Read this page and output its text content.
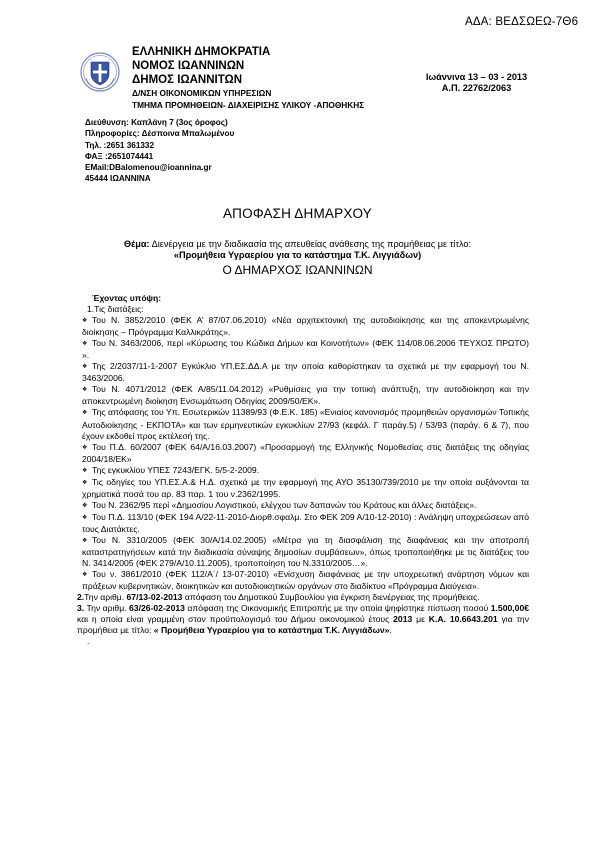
ΑΔΑ: ΒΕΔΣΩΕΩ-7Θ6
ΕΛΛΗΝΙΚΗ ΔΗΜΟΚΡΑΤΙΑ
ΝΟΜΟΣ ΙΩΑΝΝΙΝΩΝ
ΔΗΜΟΣ ΙΩΑΝΝΙΤΩΝ
Δ/ΝΣΗ ΟΙΚΟΝΟΜΙΚΩΝ ΥΠΗΡΕΣΙΩΝ
ΤΜΗΜΑ ΠΡΟΜΗΘΕΙΩΝ- ΔΙΑΧΕΙΡΙΣΗΣ ΥΛΙΚΟΥ -ΑΠΟΘΗΚΗΣ
Ιωάννινα 13 – 03 - 2013
Α.Π. 22762/2063
Διεύθυνση: Καπλάνη 7 (3ος όροφος)
Πληροφορίες: Δέσποινα Μπαλωμένου
Τηλ. :2651 361332
ΦΑΞ :2651074441
EMail:DBalomenou@ioannina.gr
45444 ΙΩΑΝΝΙΝΑ
ΑΠΟΦΑΣΗ ΔΗΜΑΡΧΟΥ
Θέμα: Διενέργεια με την διαδικασία της απευθείας ανάθεσης της προμήθειας με τίτλο:
«Προμήθεια Υγραερίου για το κατάστημα Τ.Κ. Λιγγιάδων)
Ο ΔΗΜΑΡΧΟΣ ΙΩΑΝΝΙΝΩΝ

Έχοντας υπόψη:

1.Τις διατάξεις:

❖ Του Ν. 3852/2010 (ΦΕΚ Α’ 87/07.06.2010) «Νέα αρχιτεκτονική της αυτοδιοίκησης και της αποκεντρωμένης διοίκησης – Πρόγραμμα Καλλικράτης».

❖ Του Ν. 3463/2006, περί «Κύρωσης του Κώδικα Δήμων και Κοινοτήτων» (ΦΕΚ 114/08.06.2006 ΤΕΥΧΟΣ ΠΡΩΤΟ) ».

❖ Της 2/2037/11-1-2007 Εγκύκλιο ΥΠ.ΕΣ.ΔΔ.Α με την οποία καθορίστηκαν τα σχετικά με την εφαρμογή του Ν. 3463/2006.

❖ Του Ν. 4071/2012 (ΦΕΚ Α/85/11.04.2012) «Ρυθμίσεις για την τοπική ανάπτυξη, την αυτοδιοίκηση και την αποκεντρωμένη διοίκηση Ενσωμάτωση Οδηγίας 2009/50/ΕΚ».

❖ Της απόφασης του Υπ. Εσωτερικών 11389/93 (Φ.Ε.Κ. 185) «Ενιαίος κανονισμός προμηθειών οργανισμών Τοπικής Αυτοδιοίκησης - ΕΚΠΟΤΑ» και των ερμηνευτικών εγκυκλίων 27/93 (κεφάλ. Γ παράγ.5) / 53/93 (παράγ. 6 & 7), που έχουν εκδοθεί προς εκτέλεσή της.

❖ Του Π.Δ. 60/2007 (ΦΕΚ 64/Α/16.03.2007) «Προσαρμογή της Ελληνικής Νομοθεσίας στις διατάξεις της οδηγίας 2004/18/ΕΚ»

❖ Της εγκυκλίου ΥΠΕΣ 7243/ΕΓΚ. 5/5-2-2009.

❖ Τις οδηγίες του ΥΠ.ΕΣ.Α.& Η.Δ. σχετικά με την εφαρμογή της ΑΥΟ 35130/739/2010 με την οποία αυξάνονται τα χρηματικά ποσά του αρ. 83 παρ. 1 του ν.2362/1995.

❖ Του Ν. 2362/95 περί «Δημοσίου Λογιστικού, ελέγχου των δαπανών του Κράτους και άλλες διατάξεις».

❖ Του Π.Δ. 113/10 (ΦΕΚ 194 Α/22-11-2010-Διορθ.σφαλμ. Στο ΦΕΚ 209 Α/10-12-2010) : Ανάληψη υποχρεώσεων από τους Διατάκτες.

❖ Του Ν. 3310/2005 (ΦΕΚ 30/Α/14.02.2005) «Μέτρα για τη διασφάλιση της διαφάνειας και την αποτροπή καταστρατηγήσεων κατά την διαδικασία σύναψης δημοσίων συμβάσεων», όπως τροποποιήθηκε με τις διατάξεις του Ν. 3414/2005 (ΦΕΚ 279/Α/10.11.2005), τροποποίηση του Ν.3310/2005…».

❖ Του ν. 3861/2010 (ΦΕΚ 112/Α΄/ 13-07-2010) «Ενίσχυση διαφάνειας με την υποχρεωτική ανάρτηση νόμων και πράξεων κυβερνητικών, διοικητικών και αυτοδιοικητικών οργάνων στο διαδίκτυο «Πρόγραμμα Διαύγεια».

2.Την αριθμ. 67/13-02-2013 απόφαση του Δημοτικού Συμβουλίου για έγκριση διενέργειας της προμήθειας.

3. Την αριθμ. 63/26-02-2013 απόφαση της Οικονομικής Επιτροπής με την οποία ψηφίστηκε πίστωση ποσού 1.500,00€ και η οποία είναι γραμμένη στον προϋπολογισμό του Δήμου οικονομικού έτους 2013 με Κ.Α. 10.6643.201 για την προμήθεια με τίτλο: « Προμήθεια Υγραερίου για το κατάστημα Τ.Κ. Λιγγιάδων».

.
